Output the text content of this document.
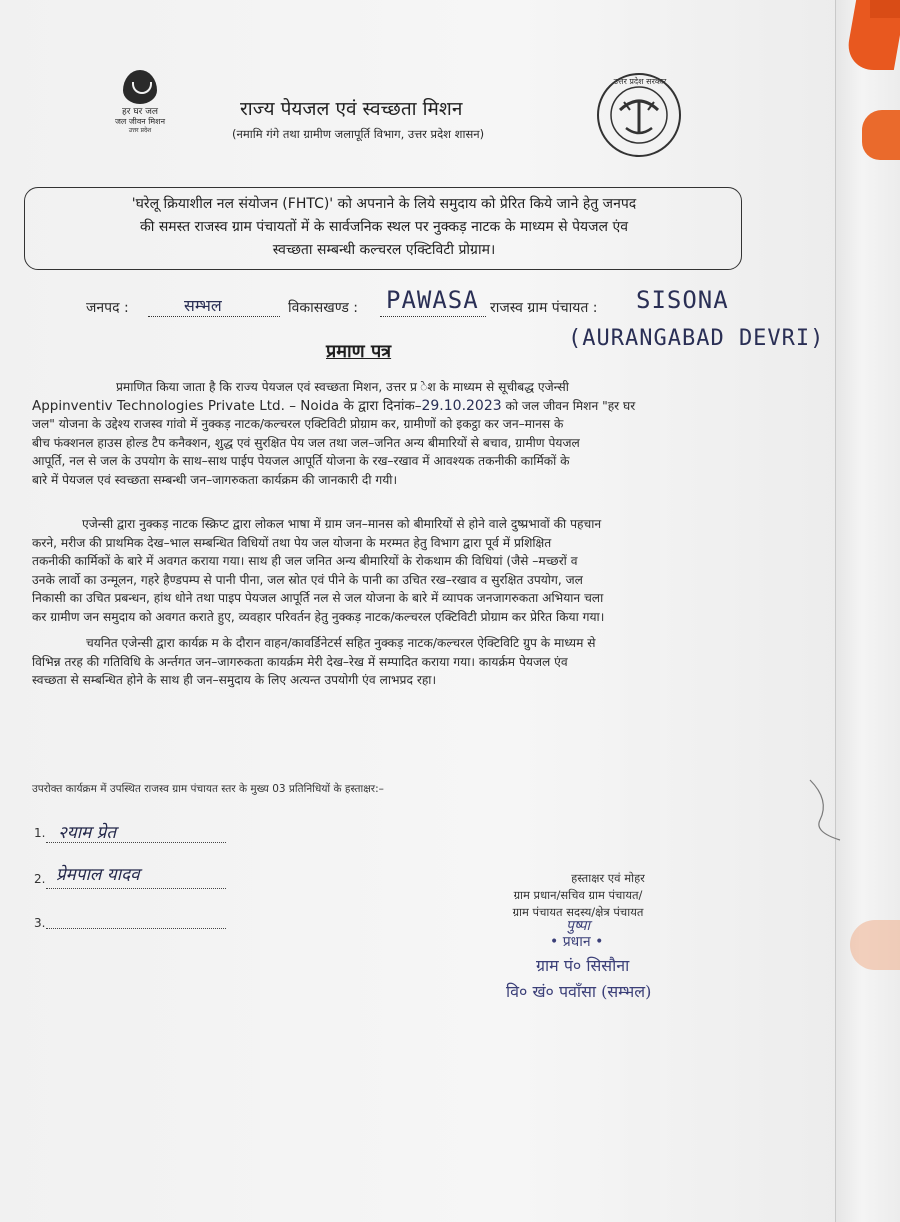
हर घर जल
जल जीवन मिशन
उत्तर प्रदेश
उत्तर प्रदेश सरकार
राज्य पेयजल एवं स्वच्छता मिशन
(नमामि गंगे तथा ग्रामीण जलापूर्ति विभाग, उत्तर प्रदेश शासन)

'घरेलू क्रियाशील नल संयोजन (FHTC)' को अपनाने के लिये समुदाय को प्रेरित किये जाने हेतु जनपद

की समस्त राजस्व ग्राम पंचायतों में के सार्वजनिक स्थल पर नुक्कड़ नाटक के माध्यम से पेयजल एंव

स्वच्छता सम्बन्धी कल्चरल एक्टिविटी प्रोग्राम।

जनपद :	सम्भल	विकासखण्ड : PAWASA राजस्व ग्राम पंचायत : SISONA
(AURANGABAD DEVRI)
प्रमाण पत्र
प्रमाणित किया जाता है कि राज्य पेयजल एवं स्वच्छता मिशन, उत्तर प्र ेश के माध्यम से सूचीबद्ध एजेन्सी
Appinventiv Technologies Private Ltd. – Noida के द्वारा दिनांक–29.10.2023 को जल जीवन मिशन "हर घर
जल" योजना के उद्देश्य राजस्व गांवो में नुक्कड़ नाटक/कल्चरल एक्टिविटी प्रोग्राम कर, ग्रामीणों को इकट्ठा कर जन–मानस के
बीच फंक्शनल हाउस होल्ड टैप कनैक्शन, शुद्ध एवं सुरक्षित पेय जल तथा जल–जनित अन्य बीमारियों से बचाव, ग्रामीण पेयजल
आपूर्ति, नल से जल के उपयोग के साथ–साथ पाईप पेयजल आपूर्ति योजना के रख–रखाव में आवश्यक तकनीकी कार्मिकों के
बारे में पेयजल एवं स्वच्छता सम्बन्धी जन–जागरुकता कार्यक्रम की जानकारी दी गयी।
एजेन्सी द्वारा नुक्कड़ नाटक स्क्रिप्ट द्वारा लोकल भाषा में ग्राम जन–मानस को बीमारियों से होने वाले दुष्प्रभावों की पहचान
करने, मरीज की प्राथमिक देख–भाल सम्बन्धित विधियों तथा पेय जल योजना के मरम्मत हेतु विभाग द्वारा पूर्व में प्रशिक्षित
तकनीकी कार्मिकों के बारे में अवगत कराया गया। साथ ही जल जनित अन्य बीमारियों के रोकथाम की विधियां (जैसे –मच्छरों व
उनके लार्वो का उन्मूलन, गहरे हैण्डपम्प से पानी पीना, जल स्रोत एवं पीने के पानी का उचित रख–रखाव व सुरक्षित उपयोग, जल
निकासी का उचित प्रबन्धन, हांथ धोने तथा पाइप पेयजल आपूर्ति नल से जल योजना के बारे में व्यापक जनजागरुकता अभियान चला
कर ग्रामीण जन समुदाय को अवगत कराते हुए, व्यवहार परिवर्तन हेतु नुक्कड़ नाटक/कल्चरल एक्टिविटी प्रोग्राम कर प्रेरित किया गया।
चयनित एजेन्सी द्वारा कार्यक्र म के दौरान वाहन/कावर्डिनेटर्स सहित नुक्कड़ नाटक/कल्चरल ऐक्टिविटि ग्रुप के माध्यम से
विभिन्न तरह की गतिविधि के अर्न्तगत जन–जागरुकता कायर्क्रम मेरी देख–रेख में सम्पादित कराया गया। कायर्क्रम पेयजल एंव
स्वच्छता से सम्बन्धित होने के साथ ही जन–समुदाय के लिए अत्यन्त उपयोगी एंव लाभप्रद रहा।
उपरोक्त कार्यक्रम में उपस्थित राजस्व ग्राम पंचायत स्तर के मुख्य 03 प्रतिनिधियों के हस्ताक्षर:–
1. २याम प्रेत
2. प्रेमपाल यादव
3.
हस्ताक्षर एवं मोहर
ग्राम प्रधान/सचिव ग्राम पंचायत/
ग्राम पंचायत सदस्य/क्षेत्र पंचायत
पुष्पा
• प्रधान •
ग्राम पं० सिसौना
वि० खं० पवाँसा (सम्भल)
